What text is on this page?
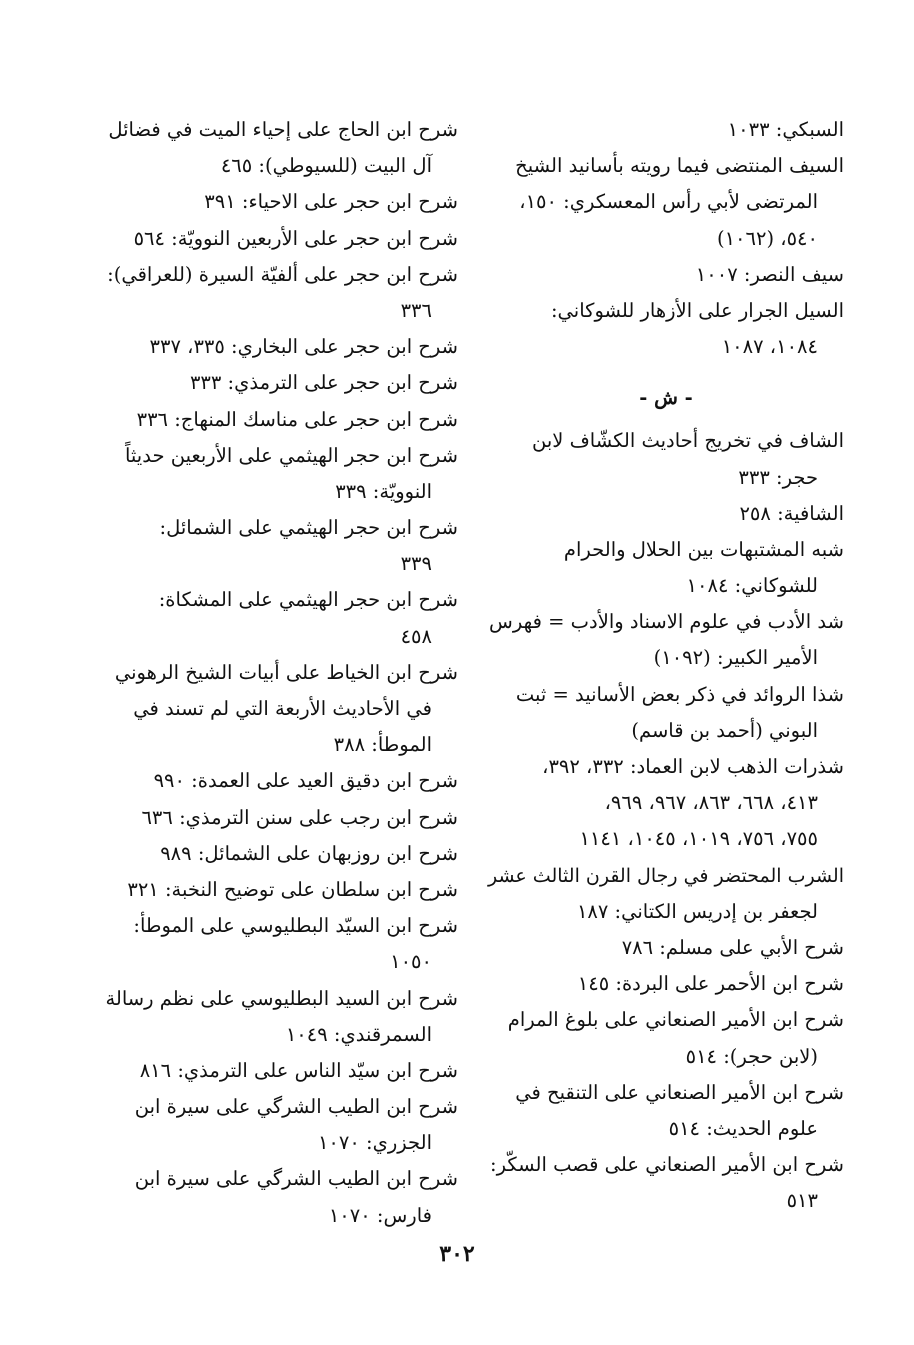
السبكي: ١٠٣٣
السيف المنتضى فيما رويته بأسانيد الشيخ
المرتضى لأبي رأس المعسكري: ١٥٠،
٥٤٠، (١٠٦٢)
سيف النصر: ١٠٠٧
السيل الجرار على الأزهار للشوكاني:
١٠٨٤، ١٠٨٧
- ش -
الشاف في تخريج أحاديث الكشّاف لابن
حجر: ٣٣٣
الشافية: ٢٥٨
شبه المشتبهات بين الحلال والحرام
للشوكاني: ١٠٨٤
شد الأدب في علوم الاسناد والأدب = فهرس
الأمير الكبير: (١٠٩٢)
شذا الروائد في ذكر بعض الأسانيد = ثبت
البوني (أحمد بن قاسم)
شذرات الذهب لابن العماد: ٣٣٢، ٣٩٢،
٤١٣، ٦٦٨، ٨٦٣، ٩٦٧، ٩٦٩،
٧٥٥، ٧٥٦، ١٠١٩، ١٠٤٥، ١١٤١
الشرب المحتضر في رجال القرن الثالث عشر
لجعفر بن إدريس الكتاني: ١٨٧
شرح الأبي على مسلم: ٧٨٦
شرح ابن الأحمر على البردة: ١٤٥
شرح ابن الأمير الصنعاني على بلوغ المرام
(لابن حجر): ٥١٤
شرح ابن الأمير الصنعاني على التنقيح في
علوم الحديث: ٥١٤
شرح ابن الأمير الصنعاني على قصب السكّر:
٥١٣
شرح ابن الحاج على إحياء الميت في فضائل
آل البيت (للسيوطي): ٤٦٥
شرح ابن حجر على الاحياء: ٣٩١
شرح ابن حجر على الأربعين النوويّة: ٥٦٤
شرح ابن حجر على ألفيّة السيرة (للعراقي):
٣٣٦
شرح ابن حجر على البخاري: ٣٣٥، ٣٣٧
شرح ابن حجر على الترمذي: ٣٣٣
شرح ابن حجر على مناسك المنهاج: ٣٣٦
شرح ابن حجر الهيثمي على الأربعين حديثاً
النوويّة: ٣٣٩
شرح ابن حجر الهيثمي على الشمائل:
٣٣٩
شرح ابن حجر الهيثمي على المشكاة:
٤٥٨
شرح ابن الخياط على أبيات الشيخ الرهوني
في الأحاديث الأربعة التي لم تسند في
الموطأ: ٣٨٨
شرح ابن دقيق العيد على العمدة: ٩٩٠
شرح ابن رجب على سنن الترمذي: ٦٣٦
شرح ابن روزبهان على الشمائل: ٩٨٩
شرح ابن سلطان على توضيح النخبة: ٣٢١
شرح ابن السيّد البطليوسي على الموطأ:
١٠٥٠
شرح ابن السيد البطليوسي على نظم رسالة
السمرقندي: ١٠٤٩
شرح ابن سيّد الناس على الترمذي: ٨١٦
شرح ابن الطيب الشرگي على سيرة ابن
الجزري: ١٠٧٠
شرح ابن الطيب الشرگي على سيرة ابن
فارس: ١٠٧٠
٣٠٢
